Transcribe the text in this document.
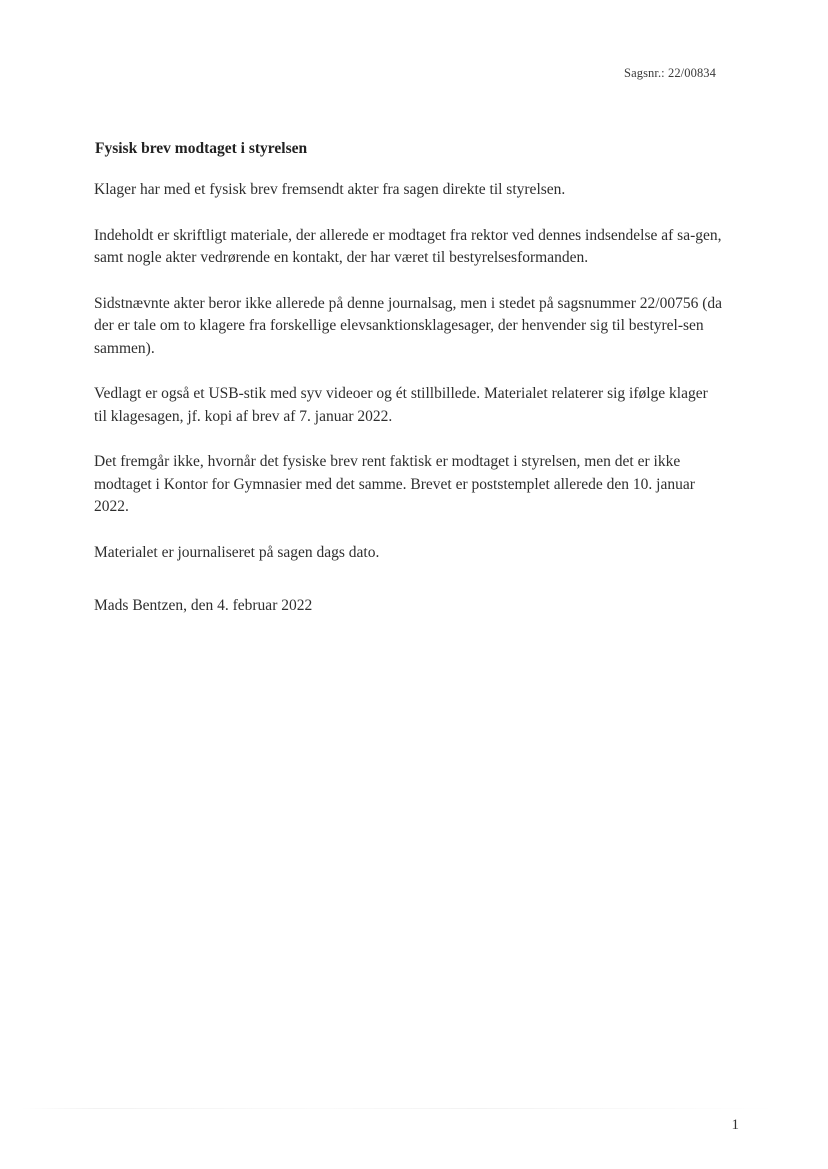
Sagsnr.: 22/00834
Fysisk brev modtaget i styrelsen

Klager har med et fysisk brev fremsendt akter fra sagen direkte til styrelsen.

Indeholdt er skriftligt materiale, der allerede er modtaget fra rektor ved dennes indsendelse af sa-gen, samt nogle akter vedrørende en kontakt, der har været til bestyrelsesformanden.

Sidstnævnte akter beror ikke allerede på denne journalsag, men i stedet på sagsnummer 22/00756 (da der er tale om to klagere fra forskellige elevsanktionsklagesager, der henvender sig til bestyrel-sen sammen).

Vedlagt er også et USB-stik med syv videoer og ét stillbillede. Materialet relaterer sig ifølge klager til klagesagen, jf. kopi af brev af 7. januar 2022.

Det fremgår ikke, hvornår det fysiske brev rent faktisk er modtaget i styrelsen, men det er ikke modtaget i Kontor for Gymnasier med det samme. Brevet er poststemplet allerede den 10. januar 2022.

Materialet er journaliseret på sagen dags dato.

Mads Bentzen, den 4. februar 2022
1
